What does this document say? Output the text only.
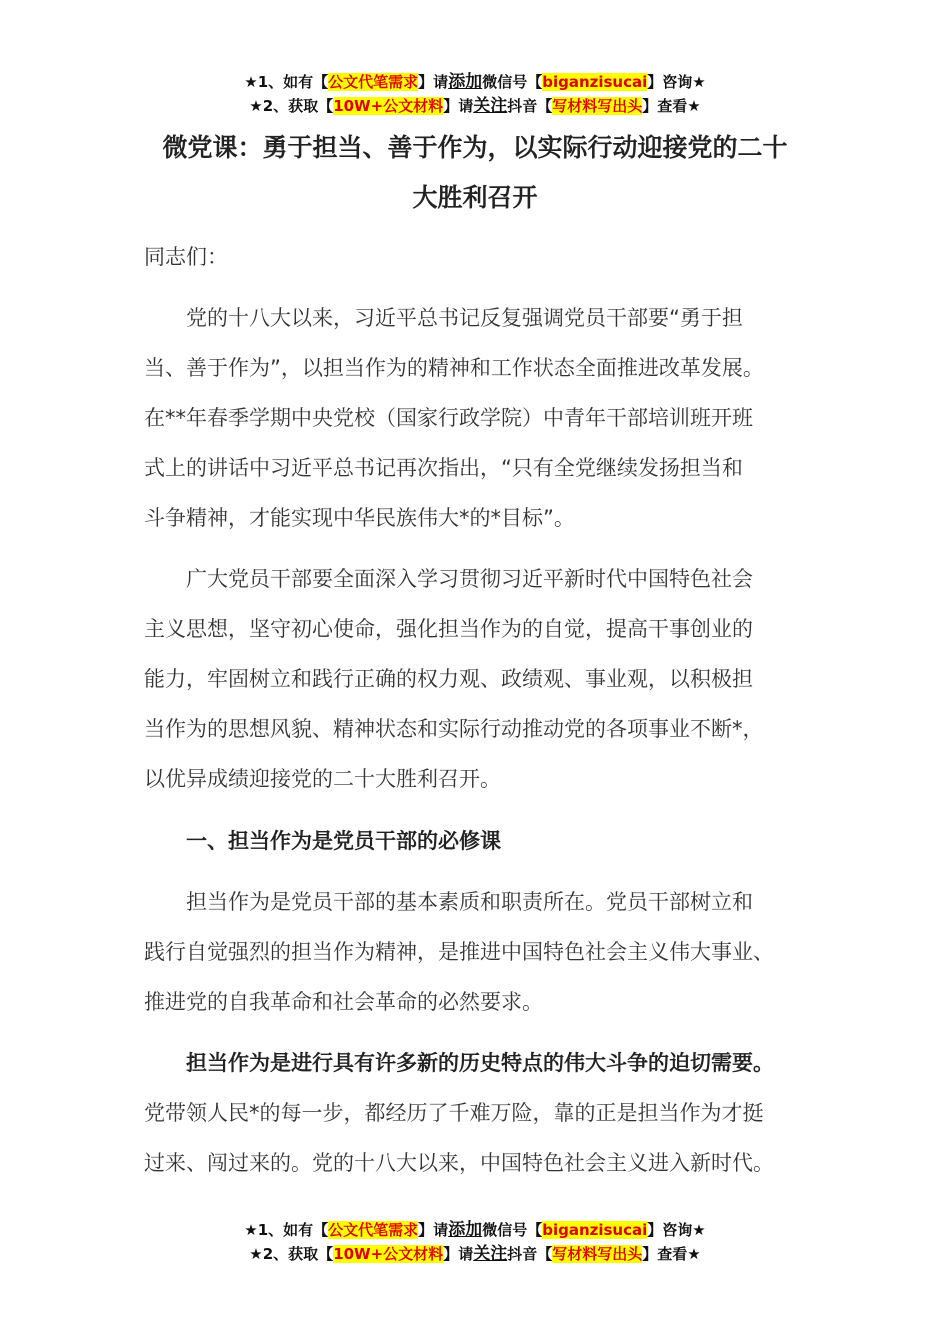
★1、如有【公文代笔需求】请添加微信号【biganzisucai】咨询★
★2、获取【10W+公文材料】请关注抖音【写材料写出头】查看★
微党课：勇于担当、善于作为，以实际行动迎接党的二十
大胜利召开
同志们：
　　党的十八大以来，习近平总书记反复强调党员干部要“勇于担
当、善于作为”，以担当作为的精神和工作状态全面推进改革发展。
在**年春季学期中央党校（国家行政学院）中青年干部培训班开班
式上的讲话中习近平总书记再次指出，“只有全党继续发扬担当和
斗争精神，才能实现中华民族伟大*的*目标”。
　　广大党员干部要全面深入学习贯彻习近平新时代中国特色社会
主义思想，坚守初心使命，强化担当作为的自觉，提高干事创业的
能力，牢固树立和践行正确的权力观、政绩观、事业观，以积极担
当作为的思想风貌、精神状态和实际行动推动党的各项事业不断*，
以优异成绩迎接党的二十大胜利召开。
　　一、担当作为是党员干部的必修课
　　担当作为是党员干部的基本素质和职责所在。党员干部树立和
践行自觉强烈的担当作为精神，是推进中国特色社会主义伟大事业、
推进党的自我革命和社会革命的必然要求。
　　担当作为是进行具有许多新的历史特点的伟大斗争的迫切需要。
党带领人民*的每一步，都经历了千难万险，靠的正是担当作为才挺
过来、闯过来的。党的十八大以来，中国特色社会主义进入新时代。
★1、如有【公文代笔需求】请添加微信号【biganzisucai】咨询★
★2、获取【10W+公文材料】请关注抖音【写材料写出头】查看★
